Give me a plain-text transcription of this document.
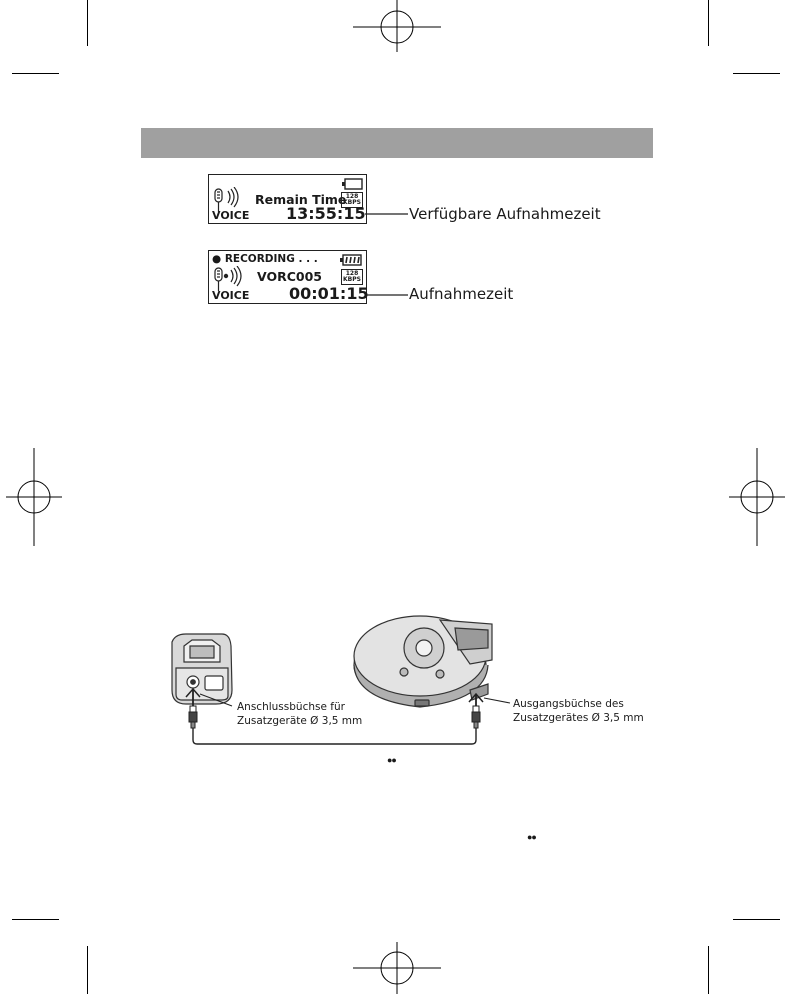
Remain Time 128
KBPS
VOICE 13:55:15	Verfügbare Aufnahmezeit
● RECORDING . . .
VORC005	128
KBPS
VOICE 00:01:15	Aufnahmezeit
Anschlussbüchse für
Zusatzgeräte Ø 3,5 mm
Ausgangsbüchse des
Zusatzgerätes Ø 3,5 mm
●●
●●
